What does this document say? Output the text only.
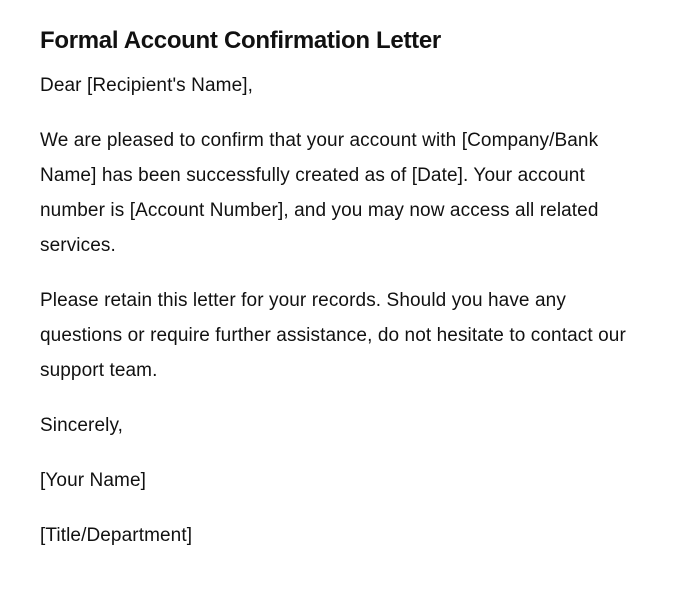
Formal Account Confirmation Letter

Dear [Recipient's Name],

We are pleased to confirm that your account with [Company/Bank Name] has been successfully created as of [Date]. Your account number is [Account Number], and you may now access all related services.

Please retain this letter for your records. Should you have any questions or require further assistance, do not hesitate to contact our support team.

Sincerely,

[Your Name]

[Title/Department]
